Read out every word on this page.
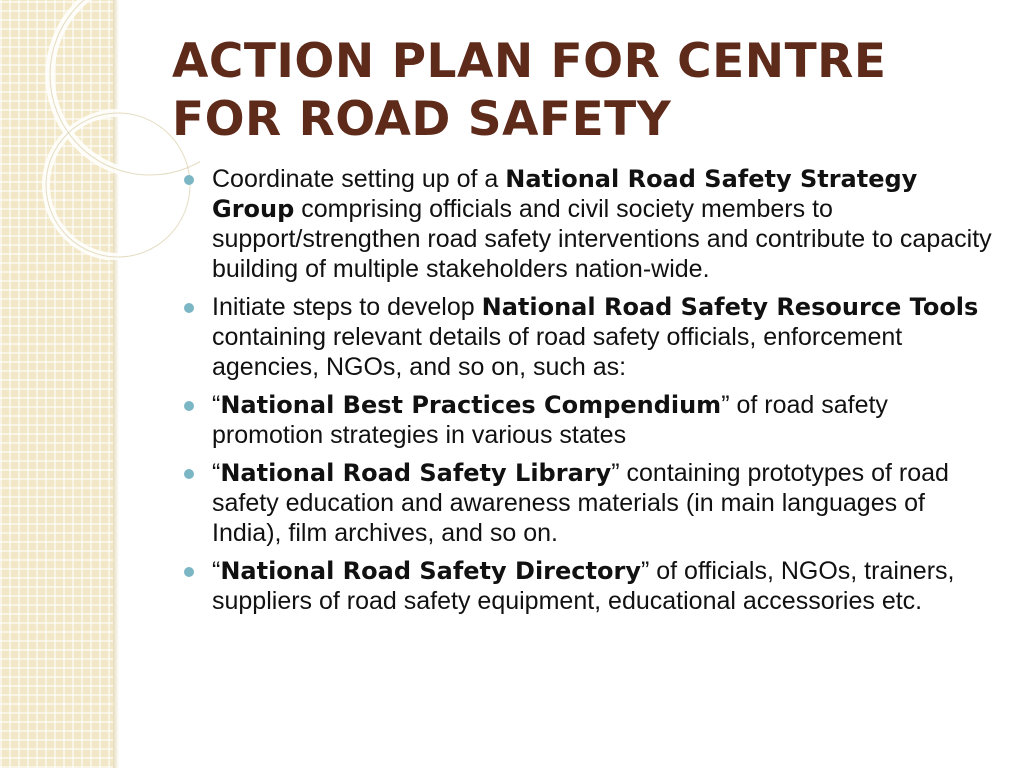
ACTION PLAN FOR CENTRE
FOR ROAD SAFETY
Coordinate setting up of a National Road Safety Strategy Group comprising officials and civil society members to support/strengthen road safety interventions and contribute to capacity building of multiple stakeholders nation-wide.
Initiate steps to develop National Road Safety Resource Tools containing relevant details of road safety officials, enforcement agencies, NGOs, and so on, such as:
“National Best Practices Compendium” of road safety promotion strategies in various states
“National Road Safety Library” containing prototypes of road safety education and awareness materials (in main languages of India), film archives, and so on.
“National Road Safety Directory” of officials, NGOs, trainers, suppliers of road safety equipment, educational accessories etc.
